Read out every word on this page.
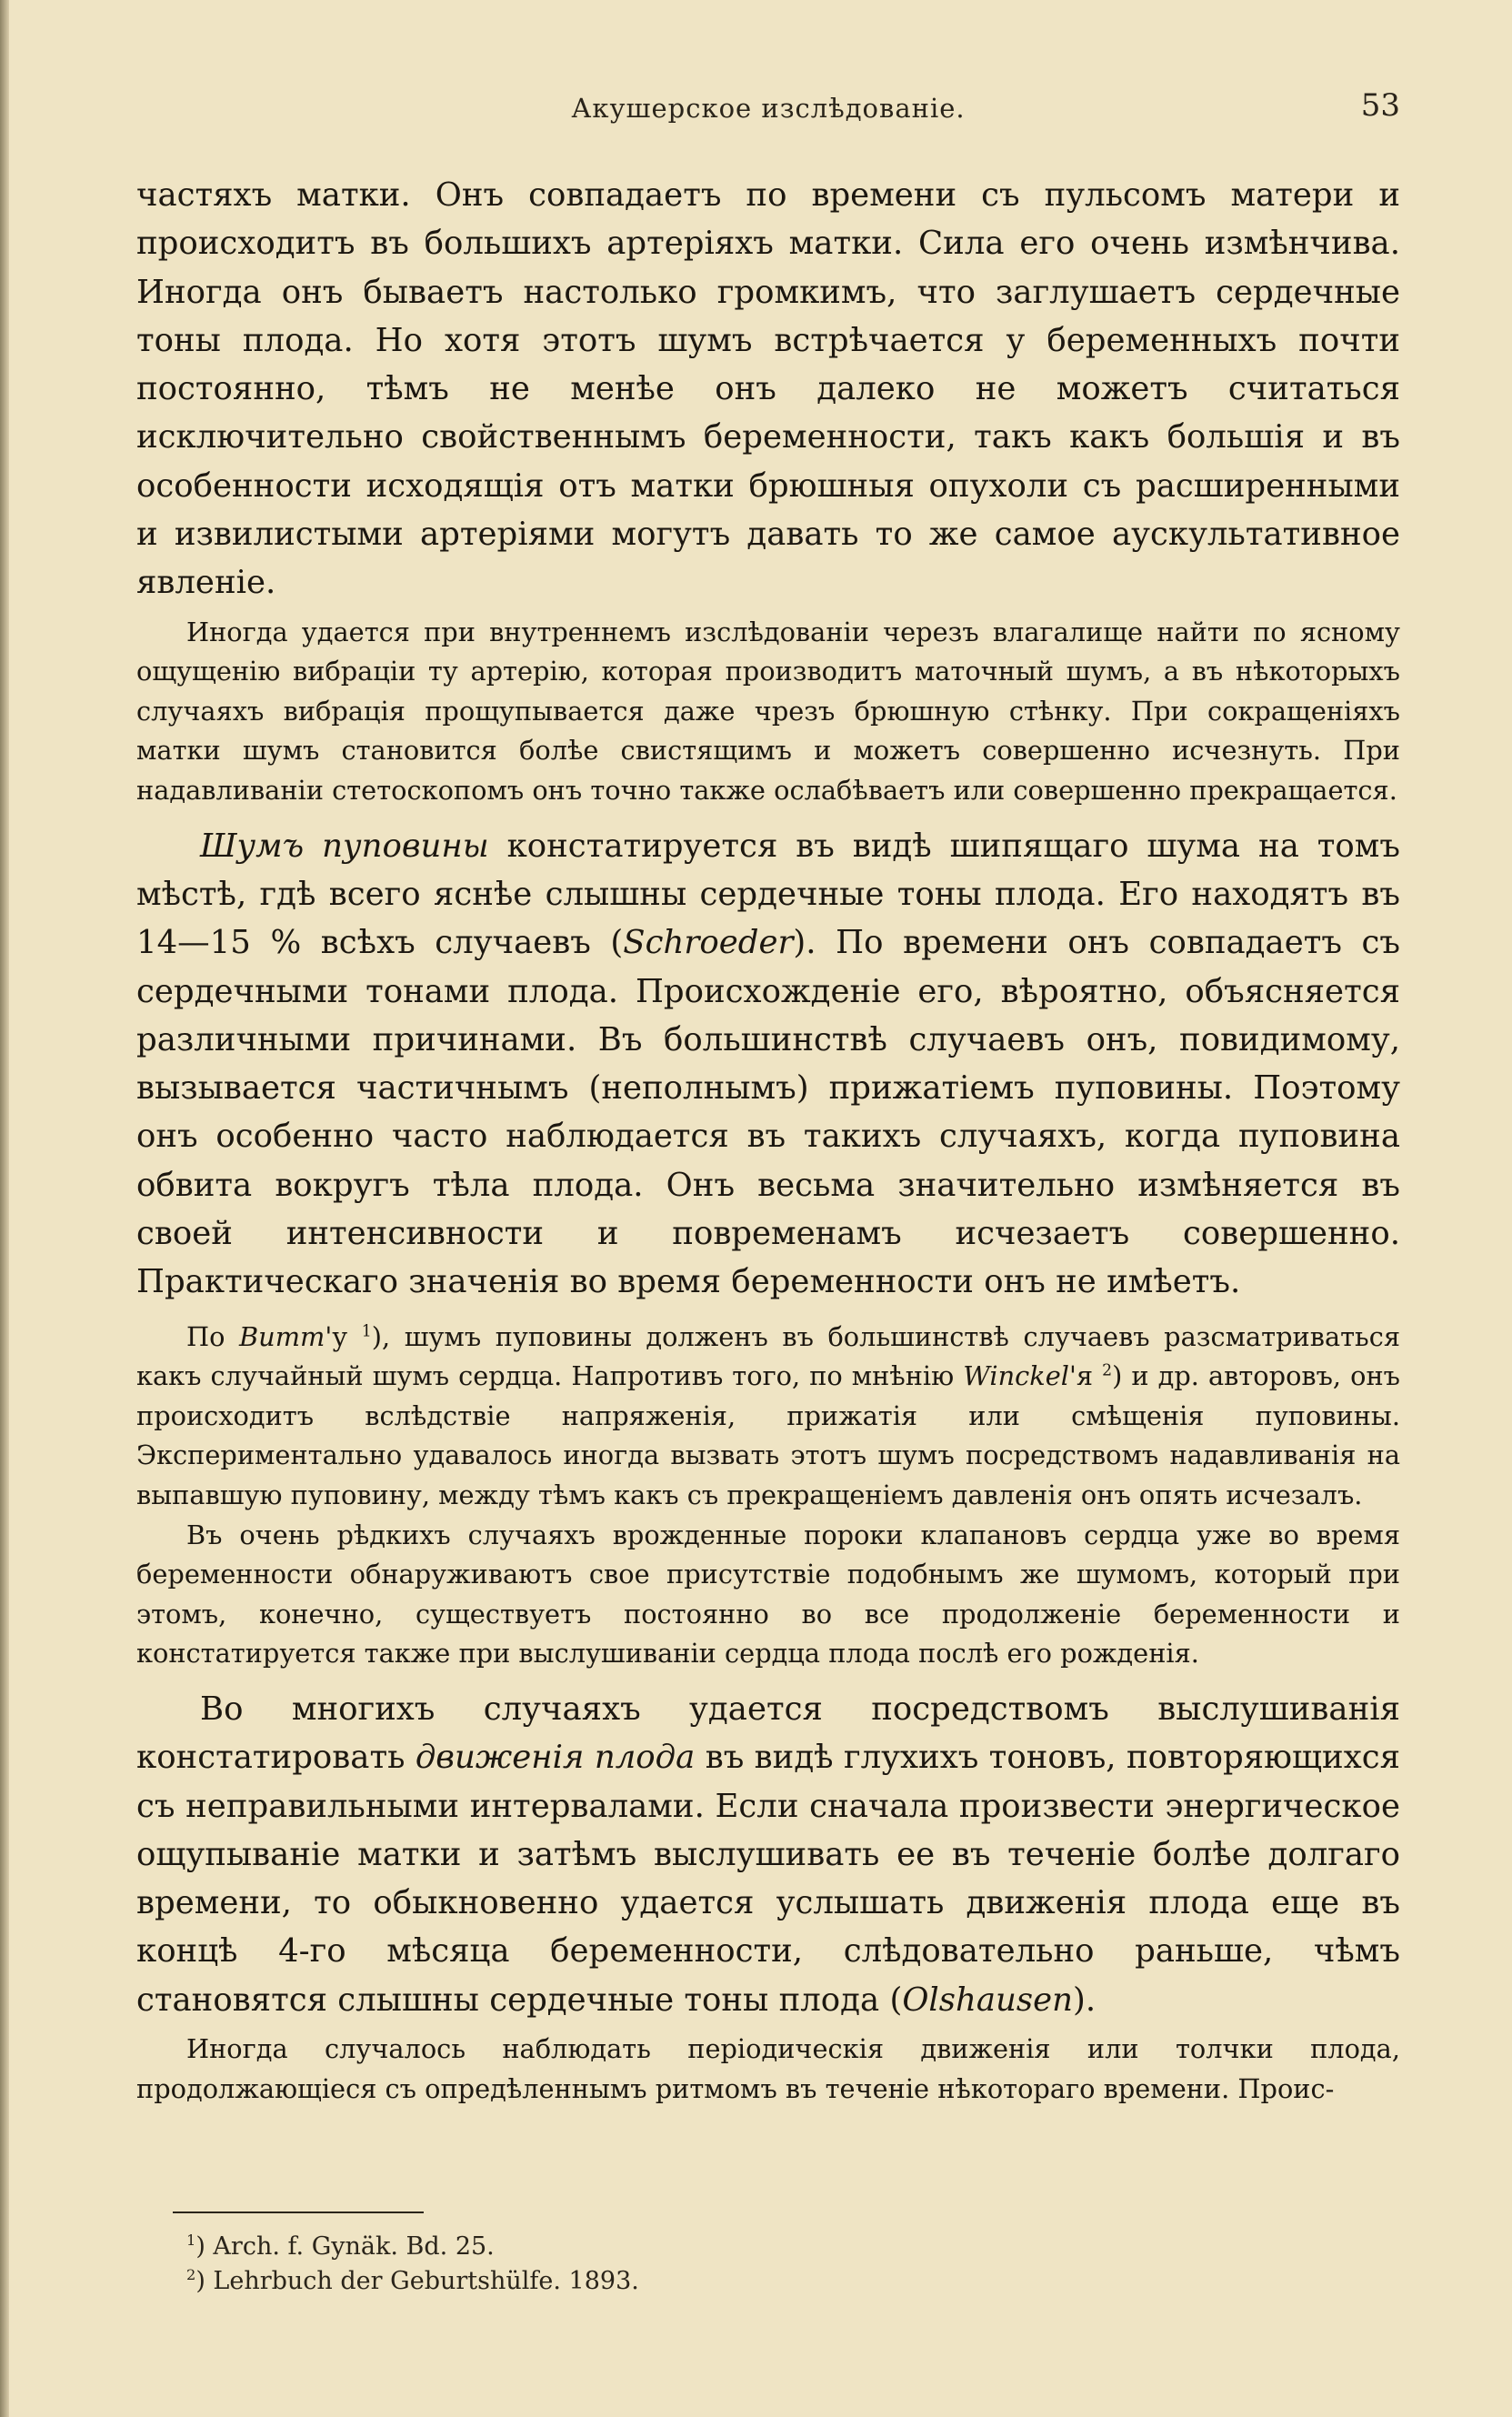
Акушерское изслѣдованіе.	53

частяхъ матки. Онъ совпадаетъ по времени съ пульсомъ матери и происходитъ въ большихъ артеріяхъ матки. Сила его очень измѣнчива. Иногда онъ бываетъ настолько громкимъ, что заглушаетъ сердечные тоны плода. Но хотя этотъ шумъ встрѣчается у беременныхъ почти постоянно, тѣмъ не менѣе онъ далеко не можетъ считаться исключительно свойственнымъ беременности, такъ какъ большія и въ особенности исходящія отъ матки брюшныя опухоли съ расширенными и извилистыми артеріями могутъ давать то же самое аускультативное явленіе.

Иногда удается при внутреннемъ изслѣдованіи черезъ влагалище найти по ясному ощущенію вибраціи ту артерію, которая производитъ маточный шумъ, а въ нѣкоторыхъ случаяхъ вибрація прощупывается даже чрезъ брюшную стѣнку. При сокращеніяхъ матки шумъ становится болѣе свистящимъ и можетъ совершенно исчезнуть. При надавливаніи стетоскопомъ онъ точно также ослабѣваетъ или совершенно прекращается.

Шумъ пуповины констатируется въ видѣ шипящаго шума на томъ мѣстѣ, гдѣ всего яснѣе слышны сердечные тоны плода. Его находятъ въ 14—15 % всѣхъ случаевъ (Schroeder). По времени онъ совпадаетъ съ сердечными тонами плода. Происхожденіе его, вѣроятно, объясняется различными причинами. Въ большинствѣ случаевъ онъ, повидимому, вызывается частичнымъ (неполнымъ) прижатіемъ пуповины. Поэтому онъ особенно часто наблюдается въ такихъ случаяхъ, когда пуповина обвита вокругъ тѣла плода. Онъ весьма значительно измѣняется въ своей интенсивности и повременамъ исчезаетъ совершенно. Практическаго значенія во время беременности онъ не имѣетъ.

По Витт'у $^1$), шумъ пуповины долженъ въ большинствѣ случаевъ разсматриваться какъ случайный шумъ сердца. Напротивъ того, по мнѣнію Winckel'я $^2$) и др. авторовъ, онъ происходитъ вслѣдствіе напряженія, прижатія или смѣщенія пуповины. Экспериментально удавалось иногда вызвать этотъ шумъ посредствомъ надавливанія на выпавшую пуповину, между тѣмъ какъ съ прекращеніемъ давленія онъ опять исчезалъ.

Въ очень рѣдкихъ случаяхъ врожденные пороки клапановъ сердца уже во время беременности обнаруживаютъ свое присутствіе подобнымъ же шумомъ, который при этомъ, конечно, существуетъ постоянно во все продолженіе беременности и констатируется также при выслушиваніи сердца плода послѣ его рожденія.

Во многихъ случаяхъ удается посредствомъ выслушиванія констатировать движенія плода въ видѣ глухихъ тоновъ, повторяющихся съ неправильными интервалами. Если сначала произвести энергическое ощупываніе матки и затѣмъ выслушивать ее въ теченіе болѣе долгаго времени, то обыкновенно удается услышать движенія плода еще въ концѣ 4-го мѣсяца беременности, слѣдовательно раньше, чѣмъ становятся слышны сердечные тоны плода (Olshausen).

Иногда случалось наблюдать періодическія движенія или толчки плода, продолжающіеся съ опредѣленнымъ ритмомъ въ теченіе нѣкотораго времени. Проис-

$^1$) Arch. f. Gynäk. Bd. 25.

$^2$) Lehrbuch der Geburtshülfe. 1893.
